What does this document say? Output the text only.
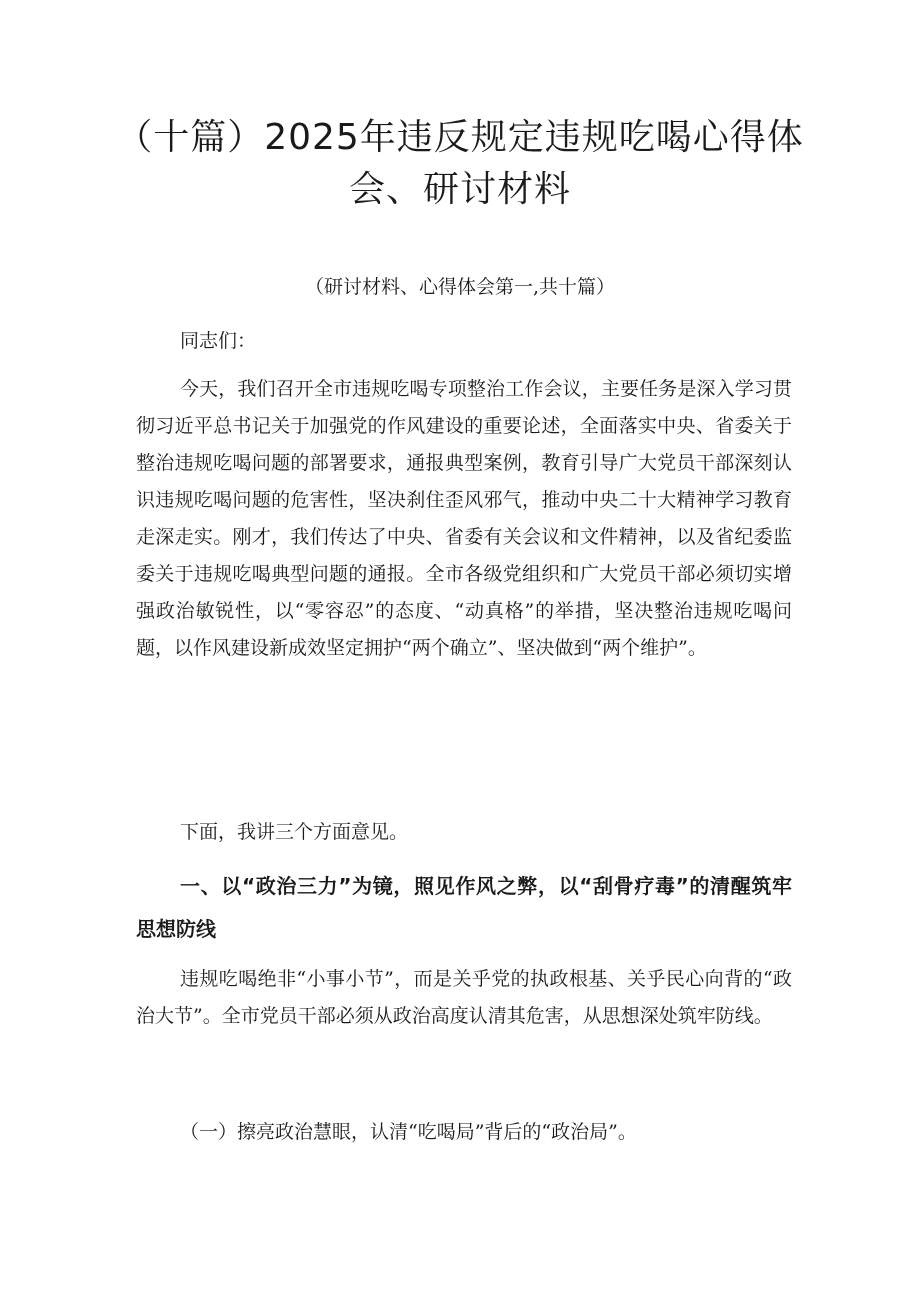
（十篇）2025年违反规定违规吃喝心得体会、研讨材料
（研讨材料、心得体会第一,共十篇）

同志们：

今天，我们召开全市违规吃喝专项整治工作会议，主要任务是深入学习贯彻习近平总书记关于加强党的作风建设的重要论述，全面落实中央、省委关于整治违规吃喝问题的部署要求，通报典型案例，教育引导广大党员干部深刻认识违规吃喝问题的危害性，坚决刹住歪风邪气，推动中央二十大精神学习教育走深走实。刚才，我们传达了中央、省委有关会议和文件精神，以及省纪委监委关于违规吃喝典型问题的通报。全市各级党组织和广大党员干部必须切实增强政治敏锐性，以“零容忍”的态度、“动真格”的举措，坚决整治违规吃喝问题，以作风建设新成效坚定拥护“两个确立”、坚决做到“两个维护”。

下面，我讲三个方面意见。

一、以“政治三力”为镜，照见作风之弊，以“刮骨疗毒”的清醒筑牢思想防线

违规吃喝绝非“小事小节”，而是关乎党的执政根基、关乎民心向背的“政治大节”。全市党员干部必须从政治高度认清其危害，从思想深处筑牢防线。

（一）擦亮政治慧眼，认清“吃喝局”背后的“政治局”。
